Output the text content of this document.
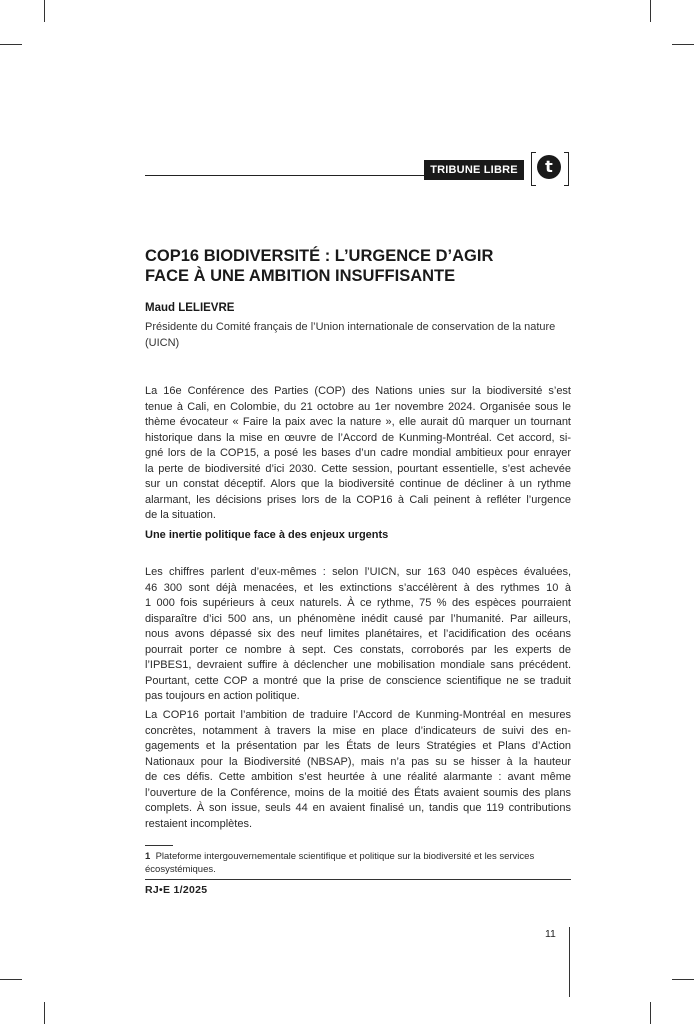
TRIBUNE LIBRE	t
COP16 BIODIVERSITÉ : L’URGENCE D’AGIR
FACE À UNE AMBITION INSUFFISANTE

Maud LELIEVRE

Présidente du Comité français de l’Union internationale de conservation de la nature
(UICN)

La 16e Conférence des Parties (COP) des Nations unies sur la biodiversité s’est
tenue à Cali, en Colombie, du 21 octobre au 1er novembre 2024. Organisée sous le
thème évocateur « Faire la paix avec la nature », elle aurait dû marquer un tournant
historique dans la mise en œuvre de l’Accord de Kunming-Montréal. Cet accord, si-
gné lors de la COP15, a posé les bases d’un cadre mondial ambitieux pour enrayer
la perte de biodiversité d’ici 2030. Cette session, pourtant essentielle, s’est achevée
sur un constat déceptif. Alors que la biodiversité continue de décliner à un rythme
alarmant, les décisions prises lors de la COP16 à Cali peinent à refléter l’urgence
de la situation.

Une inertie politique face à des enjeux urgents

Les chiffres parlent d’eux-mêmes : selon l’UICN, sur 163 040 espèces évaluées,
46 300 sont déjà menacées, et les extinctions s’accélèrent à des rythmes 10 à
1 000 fois supérieurs à ceux naturels. À ce rythme, 75 % des espèces pourraient
disparaître d’ici 500 ans, un phénomène inédit causé par l’humanité. Par ailleurs,
nous avons dépassé six des neuf limites planétaires, et l’acidification des océans
pourrait porter ce nombre à sept. Ces constats, corroborés par les experts de
l’IPBES1, devraient suffire à déclencher une mobilisation mondiale sans précédent.
Pourtant, cette COP a montré que la prise de conscience scientifique ne se traduit
pas toujours en action politique.

La COP16 portait l’ambition de traduire l’Accord de Kunming-Montréal en mesures
concrètes, notamment à travers la mise en place d’indicateurs de suivi des en-
gagements et la présentation par les États de leurs Stratégies et Plans d’Action
Nationaux pour la Biodiversité (NBSAP), mais n’a pas su se hisser à la hauteur
de ces défis. Cette ambition s’est heurtée à une réalité alarmante : avant même
l’ouverture de la Conférence, moins de la moitié des États avaient soumis des plans
complets. À son issue, seuls 44 en avaient finalisé un, tandis que 119 contributions
restaient incomplètes.

1 Plateforme intergouvernementale scientifique et politique sur la biodiversité et les services
écosystémiques.

RJ•E 1/2025

11
